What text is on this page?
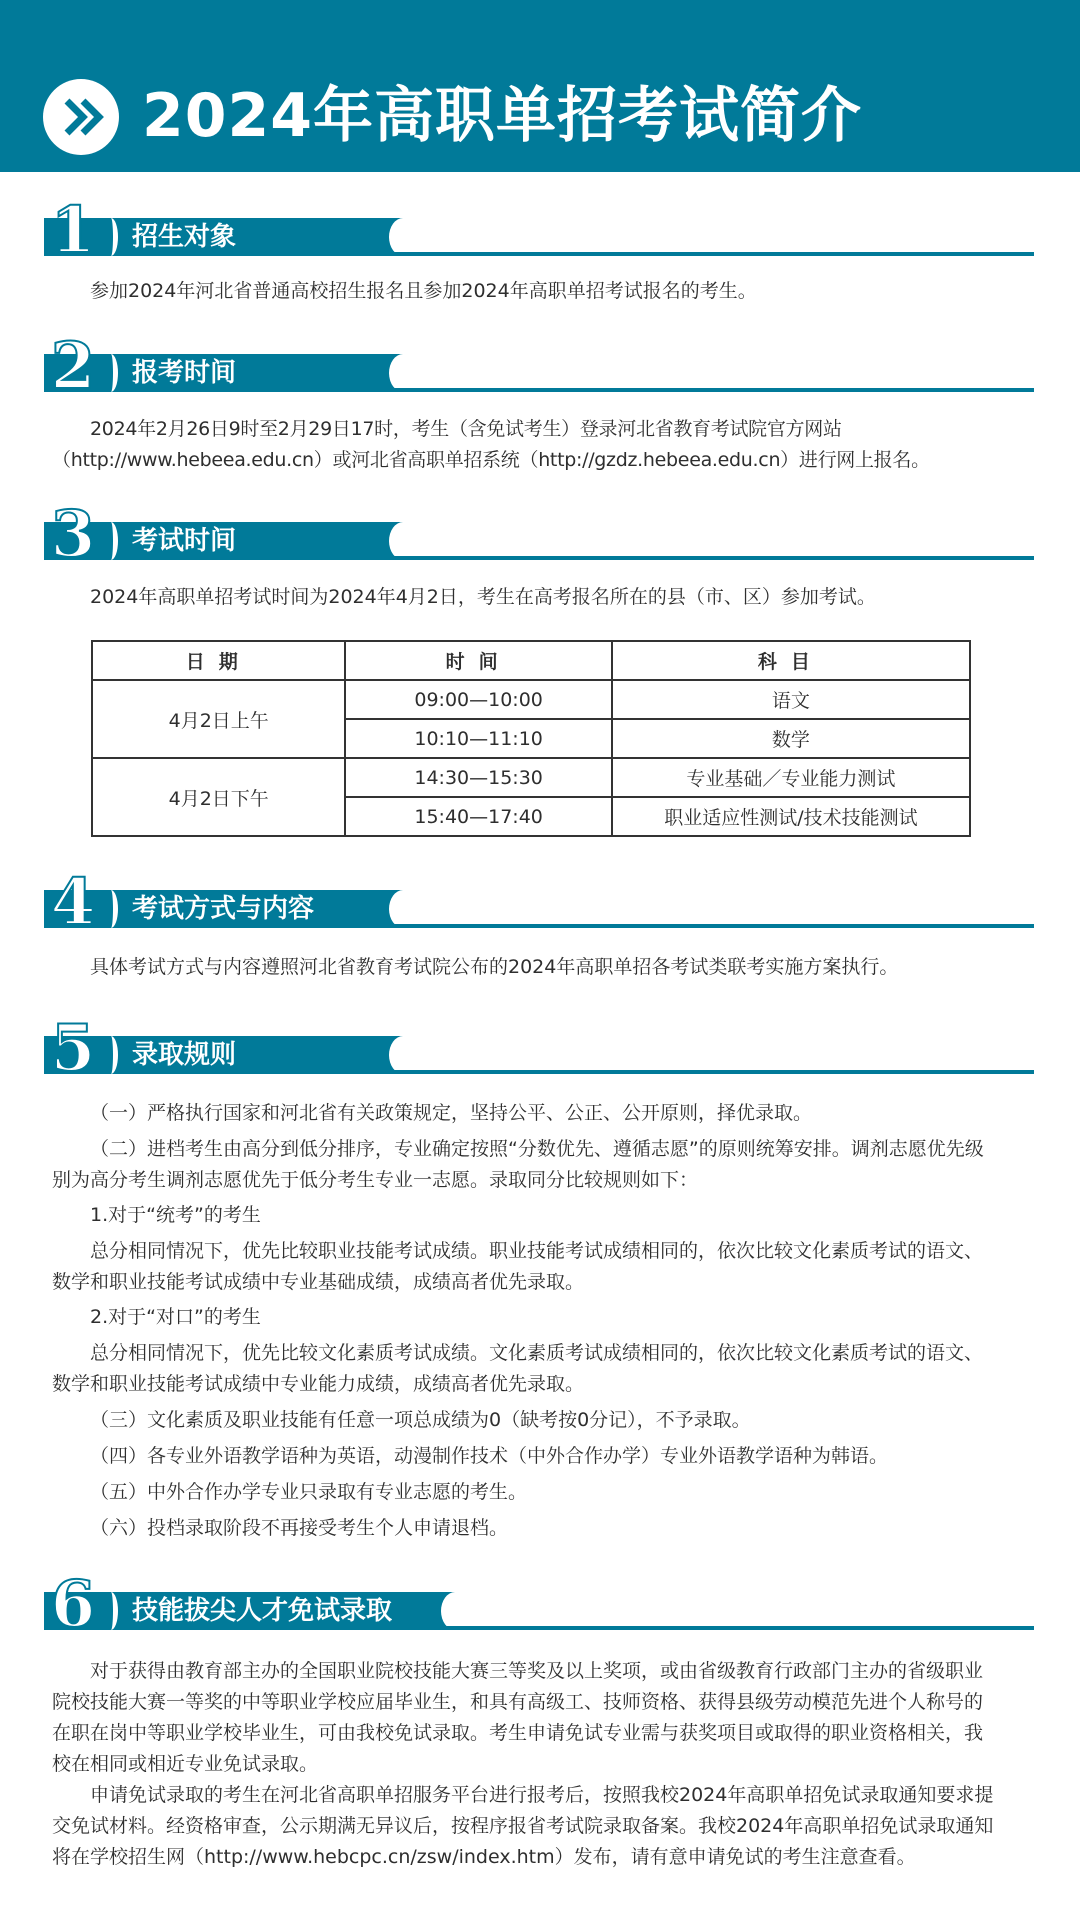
2024年高职单招考试简介
1 招生对象
参加2024年河北省普通高校招生报名且参加2024年高职单招考试报名的考生。
2 报考时间
2024年2月26日9时至2月29日17时，考生（含免试考生）登录河北省教育考试院官方网站（http://www.hebeea.edu.cn）或河北省高职单招系统（http://gzdz.hebeea.edu.cn）进行网上报名。
3 考试时间
2024年高职单招考试时间为2024年4月2日，考生在高考报名所在的县（市、区）参加考试。
日期	时间	科目
4月2日上午	09:00—10:00	语文
	10:10—11:10	数学
4月2日下午	14:30—15:30	专业基础／专业能力测试
	15:40—17:40	职业适应性测试/技术技能测试
4 考试方式与内容
具体考试方式与内容遵照河北省教育考试院公布的2024年高职单招各考试类联考实施方案执行。
5 录取规则
（一）严格执行国家和河北省有关政策规定，坚持公平、公正、公开原则，择优录取。
（二）进档考生由高分到低分排序，专业确定按照“分数优先、遵循志愿”的原则统筹安排。调剂志愿优先级别为高分考生调剂志愿优先于低分考生专业一志愿。录取同分比较规则如下：
1.对于“统考”的考生
总分相同情况下，优先比较职业技能考试成绩。职业技能考试成绩相同的，依次比较文化素质考试的语文、数学和职业技能考试成绩中专业基础成绩，成绩高者优先录取。
2.对于“对口”的考生
总分相同情况下，优先比较文化素质考试成绩。文化素质考试成绩相同的，依次比较文化素质考试的语文、数学和职业技能考试成绩中专业能力成绩，成绩高者优先录取。
（三）文化素质及职业技能有任意一项总成绩为0（缺考按0分记），不予录取。
（四）各专业外语教学语种为英语，动漫制作技术（中外合作办学）专业外语教学语种为韩语。
（五）中外合作办学专业只录取有专业志愿的考生。
（六）投档录取阶段不再接受考生个人申请退档。
6 技能拔尖人才免试录取
对于获得由教育部主办的全国职业院校技能大赛三等奖及以上奖项，或由省级教育行政部门主办的省级职业院校技能大赛一等奖的中等职业学校应届毕业生，和具有高级工、技师资格、获得县级劳动模范先进个人称号的在职在岗中等职业学校毕业生，可由我校免试录取。考生申请免试专业需与获奖项目或取得的职业资格相关，我校在相同或相近专业免试录取。
申请免试录取的考生在河北省高职单招服务平台进行报考后，按照我校2024年高职单招免试录取通知要求提交免试材料。经资格审查，公示期满无异议后，按程序报省考试院录取备案。我校2024年高职单招免试录取通知将在学校招生网（http://www.hebcpc.cn/zsw/index.htm）发布，请有意申请免试的考生注意查看。
